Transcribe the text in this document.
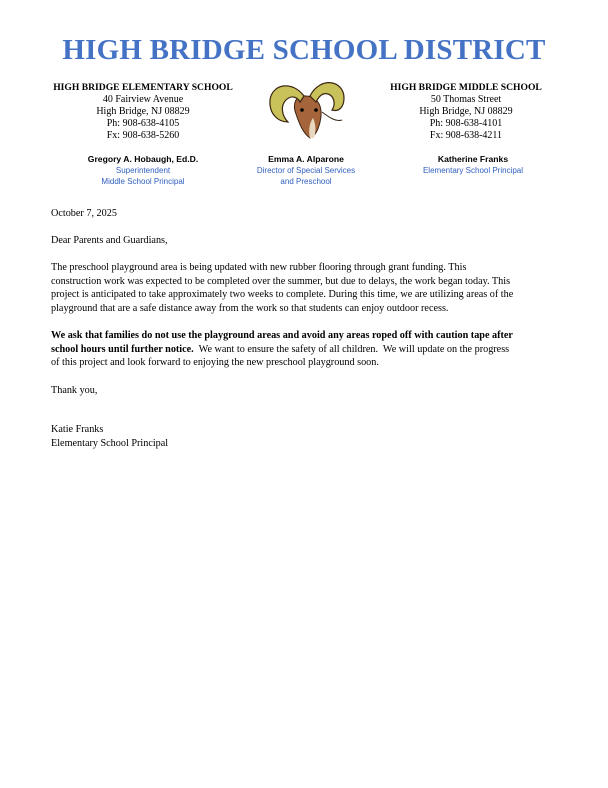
HIGH BRIDGE SCHOOL DISTRICT
HIGH BRIDGE ELEMENTARY SCHOOL
40 Fairview Avenue
High Bridge, NJ 08829
Ph: 908-638-4105
Fx: 908-638-5260
HIGH BRIDGE MIDDLE SCHOOL
50 Thomas Street
High Bridge, NJ 08829
Ph: 908-638-4101
Fx: 908-638-4211
Gregory A. Hobaugh, Ed.D.
Superintendent
Middle School Principal
Emma A. Alparone
Director of Special Services
and Preschool
Katherine Franks
Elementary School Principal
October 7, 2025
Dear Parents and Guardians,
The preschool playground area is being updated with new rubber flooring through grant funding. This
construction work was expected to be completed over the summer, but due to delays, the work began today. This
project is anticipated to take approximately two weeks to complete. During this time, we are utilizing areas of the
playground that are a safe distance away from the work so that students can enjoy outdoor recess.
We ask that families do not use the playground areas and avoid any areas roped off with caution tape after
school hours until further notice.  We want to ensure the safety of all children.  We will update on the progress
of this project and look forward to enjoying the new preschool playground soon.
Thank you,
Katie Franks
Elementary School Principal
